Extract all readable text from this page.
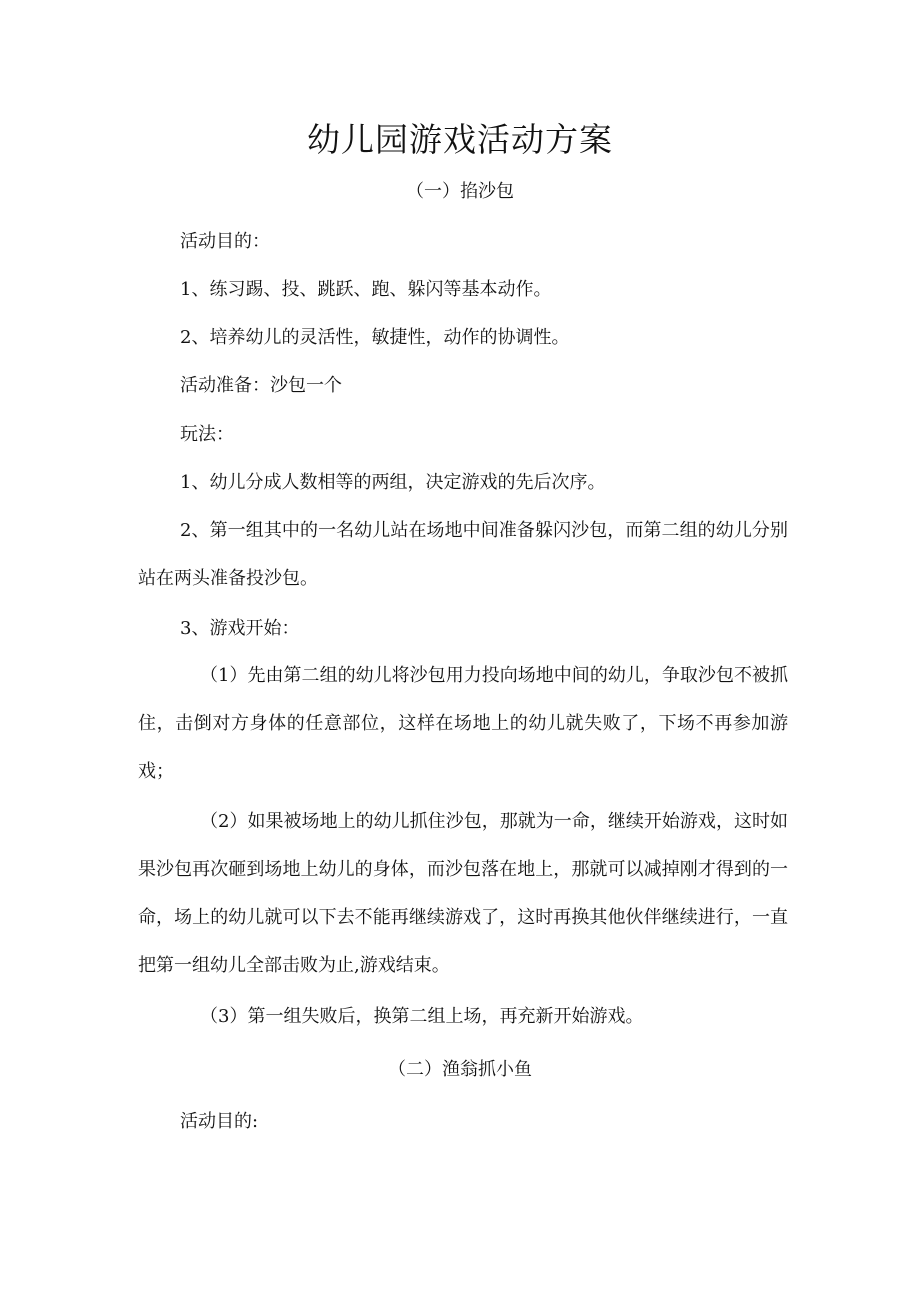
幼儿园游戏活动方案
（一）掐沙包
活动目的：
1、练习踢、投、跳跃、跑、躲闪等基本动作。
2、培养幼儿的灵活性，敏捷性，动作的协调性。
活动准备：沙包一个
玩法：
1、幼儿分成人数相等的两组，决定游戏的先后次序。

2、第一组其中的一名幼儿站在场地中间准备躲闪沙包，而第二组的幼儿分别站在两头准备投沙包。

3、游戏开始：

（1）先由第二组的幼儿将沙包用力投向场地中间的幼儿，争取沙包不被抓住，击倒对方身体的任意部位，这样在场地上的幼儿就失败了，下场不再参加游戏；

（2）如果被场地上的幼儿抓住沙包，那就为一命，继续开始游戏，这时如果沙包再次砸到场地上幼儿的身体，而沙包落在地上，那就可以减掉刚才得到的一命，场上的幼儿就可以下去不能再继续游戏了，这时再换其他伙伴继续进行，一直把第一组幼儿全部击败为止,游戏结束。

（3）第一组失败后，换第二组上场，再充新开始游戏。
（二）渔翁抓小鱼
活动目的:
